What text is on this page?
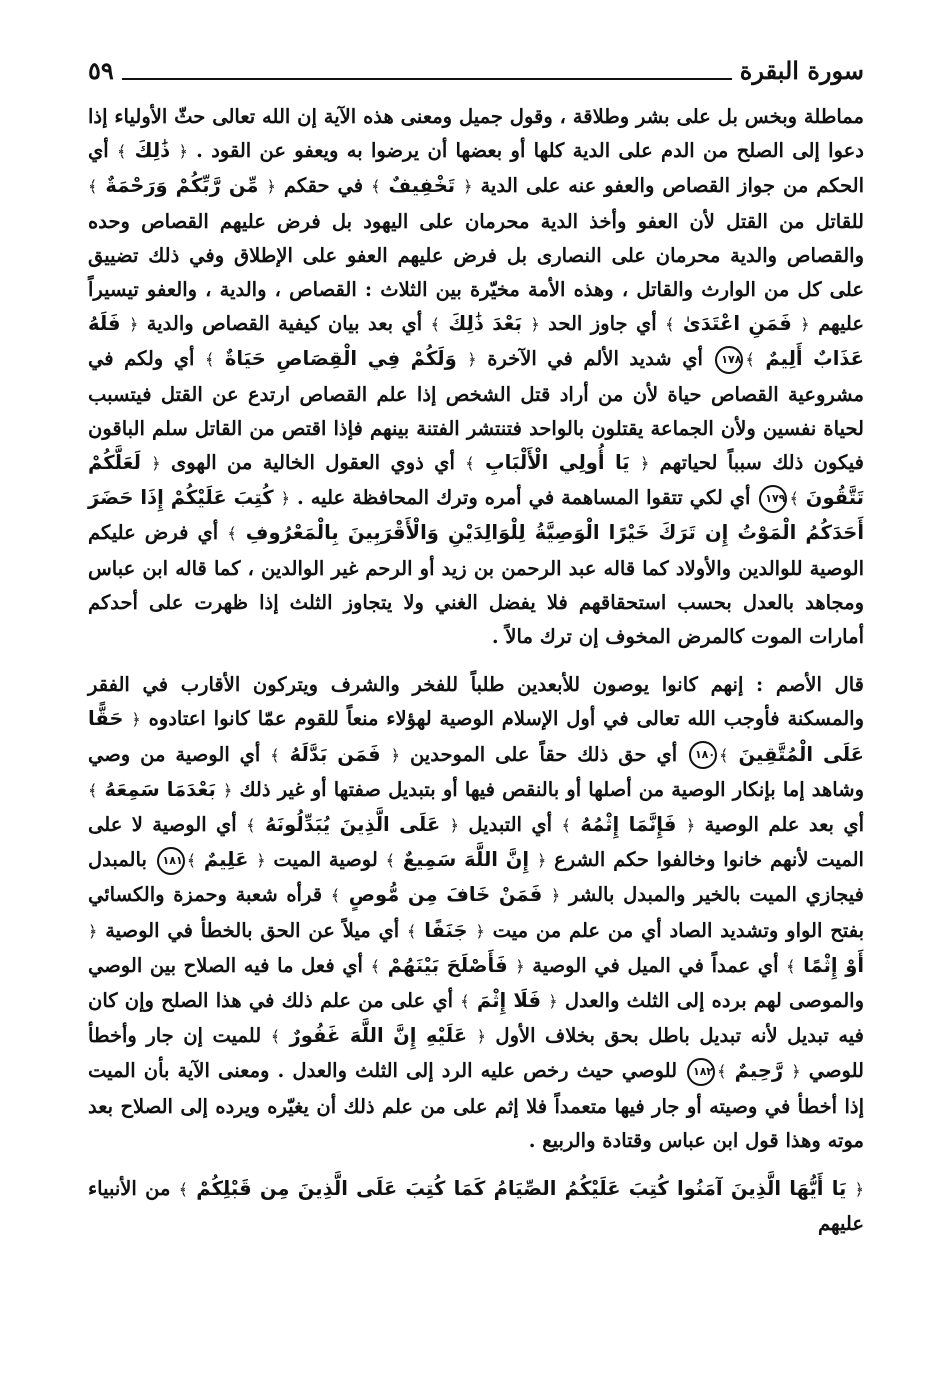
سورة البقرة
٥٩

مماطلة وبخس بل على بشر وطلاقة ، وقول جميل ومعنى هذه الآية إن الله تعالى حثّ الأولياء إذا دعوا إلى الصلح من الدم على الدية كلها أو بعضها أن يرضوا به ويعفو عن القود . ﴿ ذَٰلِكَ ﴾ أي الحكم من جواز القصاص والعفو عنه على الدية ﴿ تَخْفِيفٌ ﴾ في حقكم ﴿ مِّن رَّبِّكُمْ وَرَحْمَةٌ ﴾ للقاتل من القتل لأن العفو وأخذ الدية محرمان على اليهود بل فرض عليهم القصاص وحده والقصاص والدية محرمان على النصارى بل فرض عليهم العفو على الإطلاق وفي ذلك تضييق على كل من الوارث والقاتل ، وهذه الأمة مخيّرة بين الثلاث : القصاص ، والدية ، والعفو تيسيراً عليهم ﴿ فَمَنِ اعْتَدَىٰ ﴾ أي جاوز الحد ﴿ بَعْدَ ذَٰلِكَ ﴾ أي بعد بيان كيفية القصاص والدية ﴿ فَلَهُ عَذَابٌ أَلِيمٌ ﴾١٧٨ أي شديد الألم في الآخرة ﴿ وَلَكُمْ فِي الْقِصَاصِ حَيَاةٌ ﴾ أي ولكم في مشروعية القصاص حياة لأن من أراد قتل الشخص إذا علم القصاص ارتدع عن القتل فيتسبب لحياة نفسين ولأن الجماعة يقتلون بالواحد فتنتشر الفتنة بينهم فإذا اقتص من القاتل سلم الباقون فيكون ذلك سبباً لحياتهم ﴿ يَا أُولِي الْأَلْبَابِ ﴾ أي ذوي العقول الخالية من الهوى ﴿ لَعَلَّكُمْ تَتَّقُونَ ﴾١٧٩ أي لكي تتقوا المساهمة في أمره وترك المحافظة عليه . ﴿ كُتِبَ عَلَيْكُمْ إِذَا حَضَرَ أَحَدَكُمُ الْمَوْتُ إِن تَرَكَ خَيْرًا الْوَصِيَّةُ لِلْوَالِدَيْنِ وَالْأَقْرَبِينَ بِالْمَعْرُوفِ ﴾ أي فرض عليكم الوصية للوالدين والأولاد كما قاله عبد الرحمن بن زيد أو الرحم غير الوالدين ، كما قاله ابن عباس ومجاهد بالعدل بحسب استحقاقهم فلا يفضل الغني ولا يتجاوز الثلث إذا ظهرت على أحدكم أمارات الموت كالمرض المخوف إن ترك مالاً .

قال الأصم : إنهم كانوا يوصون للأبعدين طلباً للفخر والشرف ويتركون الأقارب في الفقر والمسكنة فأوجب الله تعالى في أول الإسلام الوصية لهؤلاء منعاً للقوم عمّا كانوا اعتادوه ﴿ حَقًّا عَلَى الْمُتَّقِينَ ﴾١٨٠ أي حق ذلك حقاً على الموحدين ﴿ فَمَن بَدَّلَهُ ﴾ أي الوصية من وصي وشاهد إما بإنكار الوصية من أصلها أو بالنقص فيها أو بتبديل صفتها أو غير ذلك ﴿ بَعْدَمَا سَمِعَهُ ﴾ أي بعد علم الوصية ﴿ فَإِنَّمَا إِثْمُهُ ﴾ أي التبديل ﴿ عَلَى الَّذِينَ يُبَدِّلُونَهُ ﴾ أي الوصية لا على الميت لأنهم خانوا وخالفوا حكم الشرع ﴿ إِنَّ اللَّهَ سَمِيعٌ ﴾ لوصية الميت ﴿ عَلِيمٌ ﴾١٨١ بالمبدل فيجازي الميت بالخير والمبدل بالشر ﴿ فَمَنْ خَافَ مِن مُّوصٍ ﴾ قرأه شعبة وحمزة والكسائي بفتح الواو وتشديد الصاد أي من علم من ميت ﴿ جَنَفًا ﴾ أي ميلاً عن الحق بالخطأ في الوصية ﴿ أَوْ إِثْمًا ﴾ أي عمداً في الميل في الوصية ﴿ فَأَصْلَحَ بَيْنَهُمْ ﴾ أي فعل ما فيه الصلاح بين الوصي والموصى لهم برده إلى الثلث والعدل ﴿ فَلَا إِثْمَ ﴾ أي على من علم ذلك في هذا الصلح وإن كان فيه تبديل لأنه تبديل باطل بحق بخلاف الأول ﴿ عَلَيْهِ إِنَّ اللَّهَ غَفُورٌ ﴾ للميت إن جار وأخطأ للوصي ﴿ رَّحِيمٌ ﴾١٨٢ للوصي حيث رخص عليه الرد إلى الثلث والعدل . ومعنى الآية بأن الميت إذا أخطأ في وصيته أو جار فيها متعمداً فلا إثم على من علم ذلك أن يغيّره ويرده إلى الصلاح بعد موته وهذا قول ابن عباس وقتادة والربيع .

﴿ يَا أَيُّهَا الَّذِينَ آمَنُوا كُتِبَ عَلَيْكُمُ الصِّيَامُ كَمَا كُتِبَ عَلَى الَّذِينَ مِن قَبْلِكُمْ ﴾ من الأنبياء عليهم
